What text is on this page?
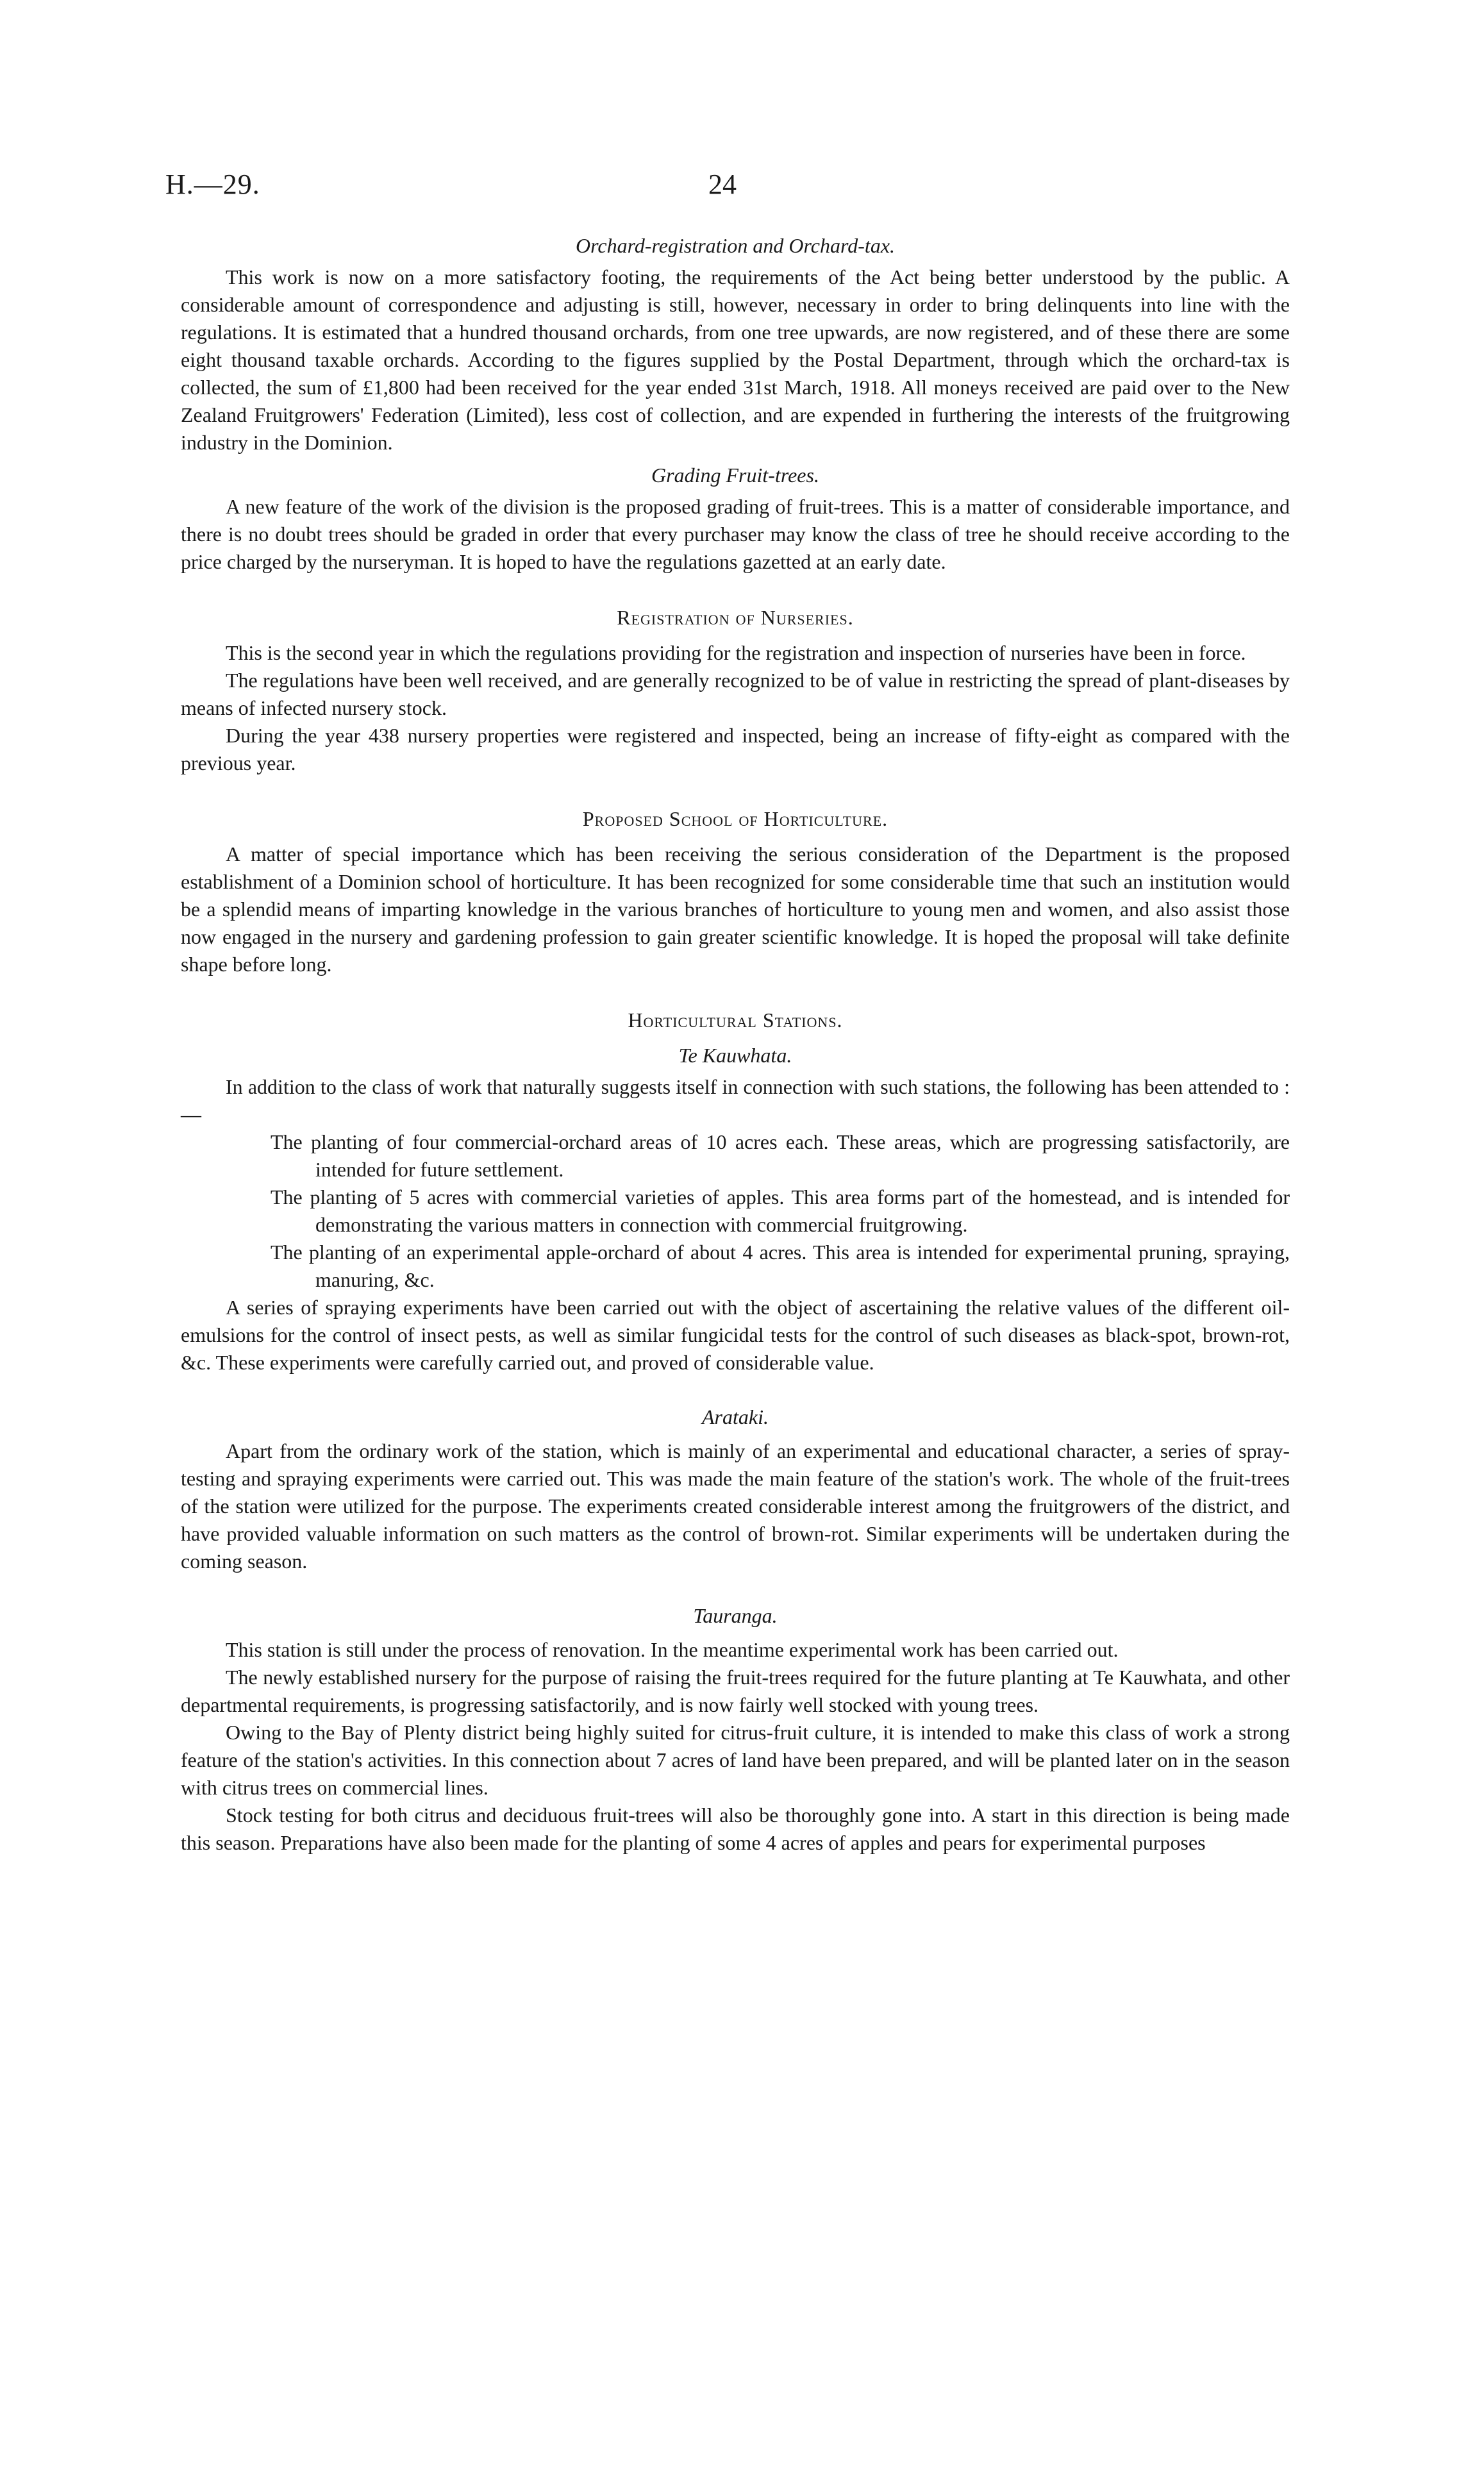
H.—29.	24
Orchard-registration and Orchard-tax.

This work is now on a more satisfactory footing, the requirements of the Act being better understood by the public. A considerable amount of correspondence and adjusting is still, however, necessary in order to bring delinquents into line with the regulations. It is estimated that a hundred thousand orchards, from one tree upwards, are now registered, and of these there are some eight thousand taxable orchards. According to the figures supplied by the Postal Department, through which the orchard-tax is collected, the sum of £1,800 had been received for the year ended 31st March, 1918. All moneys received are paid over to the New Zealand Fruitgrowers' Federation (Limited), less cost of collection, and are expended in furthering the interests of the fruitgrowing industry in the Dominion.

Grading Fruit-trees.

A new feature of the work of the division is the proposed grading of fruit-trees. This is a matter of considerable importance, and there is no doubt trees should be graded in order that every purchaser may know the class of tree he should receive according to the price charged by the nurseryman. It is hoped to have the regulations gazetted at an early date.

Registration of Nurseries.

This is the second year in which the regulations providing for the registration and inspection of nurseries have been in force.

The regulations have been well received, and are generally recognized to be of value in restricting the spread of plant-diseases by means of infected nursery stock.

During the year 438 nursery properties were registered and inspected, being an increase of fifty-eight as compared with the previous year.

Proposed School of Horticulture.

A matter of special importance which has been receiving the serious consideration of the Department is the proposed establishment of a Dominion school of horticulture. It has been recognized for some considerable time that such an institution would be a splendid means of imparting knowledge in the various branches of horticulture to young men and women, and also assist those now engaged in the nursery and gardening profession to gain greater scientific knowledge. It is hoped the proposal will take definite shape before long.

Horticultural Stations.
Te Kauwhata.

In addition to the class of work that naturally suggests itself in connection with such stations, the following has been attended to :—

The planting of four commercial-orchard areas of 10 acres each. These areas, which are progressing satisfactorily, are intended for future settlement.

The planting of 5 acres with commercial varieties of apples. This area forms part of the homestead, and is intended for demonstrating the various matters in connection with commercial fruitgrowing.

The planting of an experimental apple-orchard of about 4 acres. This area is intended for experimental pruning, spraying, manuring, &c.

A series of spraying experiments have been carried out with the object of ascertaining the relative values of the different oil-emulsions for the control of insect pests, as well as similar fungicidal tests for the control of such diseases as black-spot, brown-rot, &c. These experiments were carefully carried out, and proved of considerable value.

Arataki.

Apart from the ordinary work of the station, which is mainly of an experimental and educational character, a series of spray-testing and spraying experiments were carried out. This was made the main feature of the station's work. The whole of the fruit-trees of the station were utilized for the purpose. The experiments created considerable interest among the fruitgrowers of the district, and have provided valuable information on such matters as the control of brown-rot. Similar experiments will be undertaken during the coming season.

Tauranga.

This station is still under the process of renovation. In the meantime experimental work has been carried out.

The newly established nursery for the purpose of raising the fruit-trees required for the future planting at Te Kauwhata, and other departmental requirements, is progressing satisfactorily, and is now fairly well stocked with young trees.

Owing to the Bay of Plenty district being highly suited for citrus-fruit culture, it is intended to make this class of work a strong feature of the station's activities. In this connection about 7 acres of land have been prepared, and will be planted later on in the season with citrus trees on commercial lines.

Stock testing for both citrus and deciduous fruit-trees will also be thoroughly gone into. A start in this direction is being made this season. Preparations have also been made for the planting of some 4 acres of apples and pears for experimental purposes
